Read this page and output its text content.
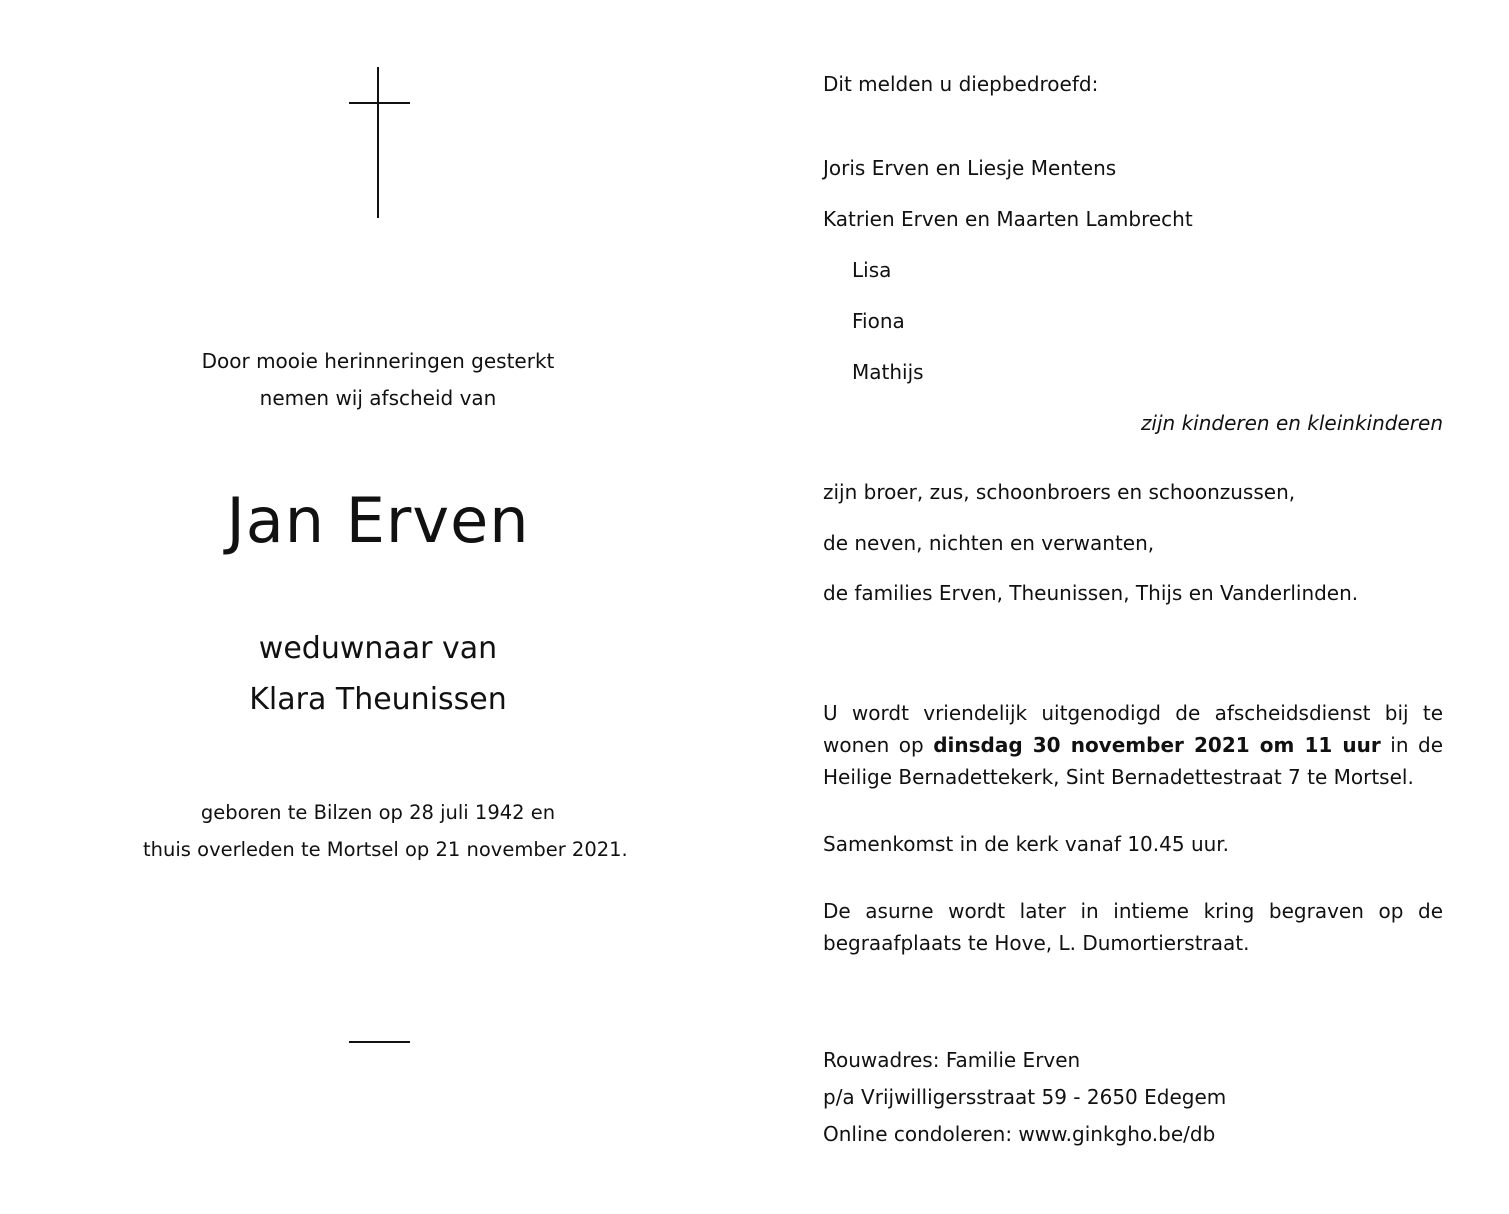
Door mooie herinneringen gesterkt
nemen wij afscheid van
Jan Erven
weduwnaar van
Klara Theunissen
geboren te Bilzen op 28 juli 1942 en
thuis overleden te Mortsel op 21 november 2021.
Dit melden u diepbedroefd:
Joris Erven en Liesje Mentens
Katrien Erven en Maarten Lambrecht
Lisa
Fiona
Mathijs
zijn kinderen en kleinkinderen
zijn broer, zus, schoonbroers en schoonzussen,
de neven, nichten en verwanten,
de families Erven, Theunissen, Thijs en Vanderlinden.
U wordt vriendelijk uitgenodigd de afscheidsdienst bij te wonen op dinsdag 30 november 2021 om 11 uur in de Heilige Bernadettekerk, Sint Bernadettestraat 7 te Mortsel.
Samenkomst in de kerk vanaf 10.45 uur.
De asurne wordt later in intieme kring begraven op de begraafplaats te Hove, L. Dumortierstraat.
Rouwadres: Familie Erven
p/a Vrijwilligersstraat 59 - 2650 Edegem
Online condoleren: www.ginkgho.be/db
